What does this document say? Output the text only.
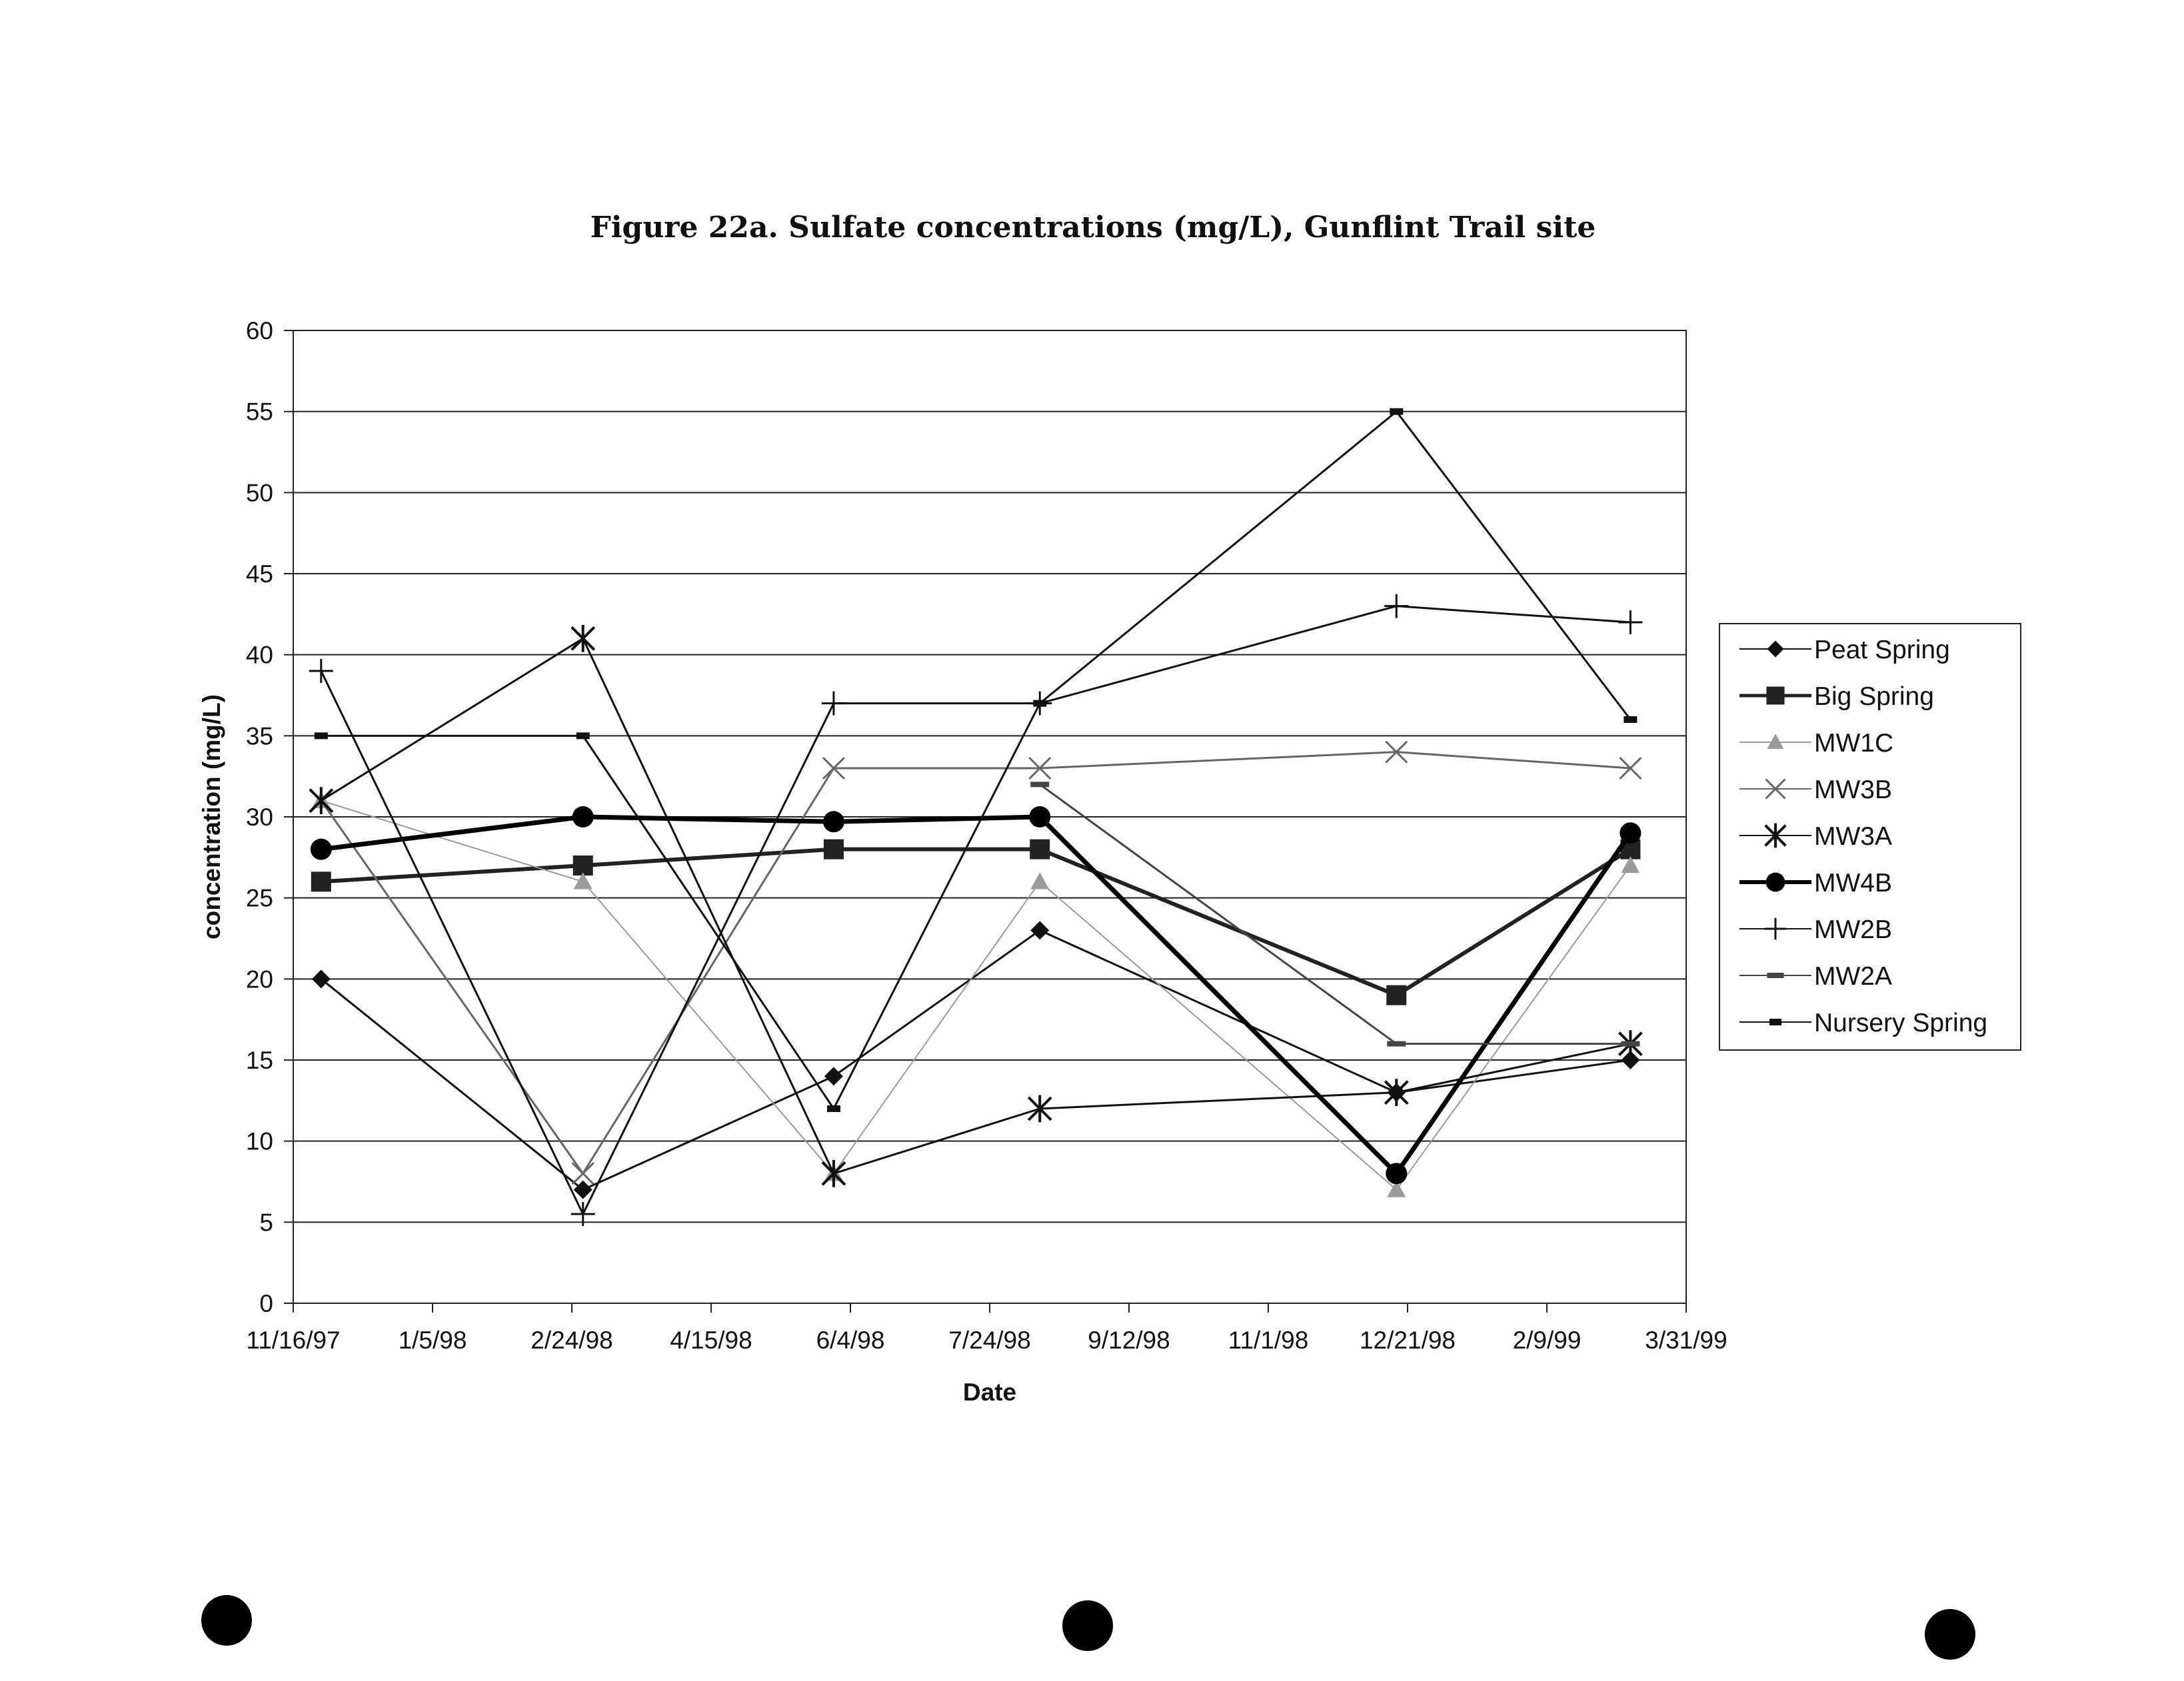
Figure 22a. Sulfate concentrations (mg/L), Gunflint Trail site
0
5
10
15
20
25
30
35
40
45
50
55
60
11/16/97 1/5/98	2/24/98 4/15/98	6/4/98	7/24/98 9/12/98 11/1/98 12/21/98 2/9/99	3/31/99
concentration (mg/L)
Date
Peat Spring
Big Spring
MW1C
MW3B
MW3A
MW4B
MW2B
MW2A
Nursery Spring
